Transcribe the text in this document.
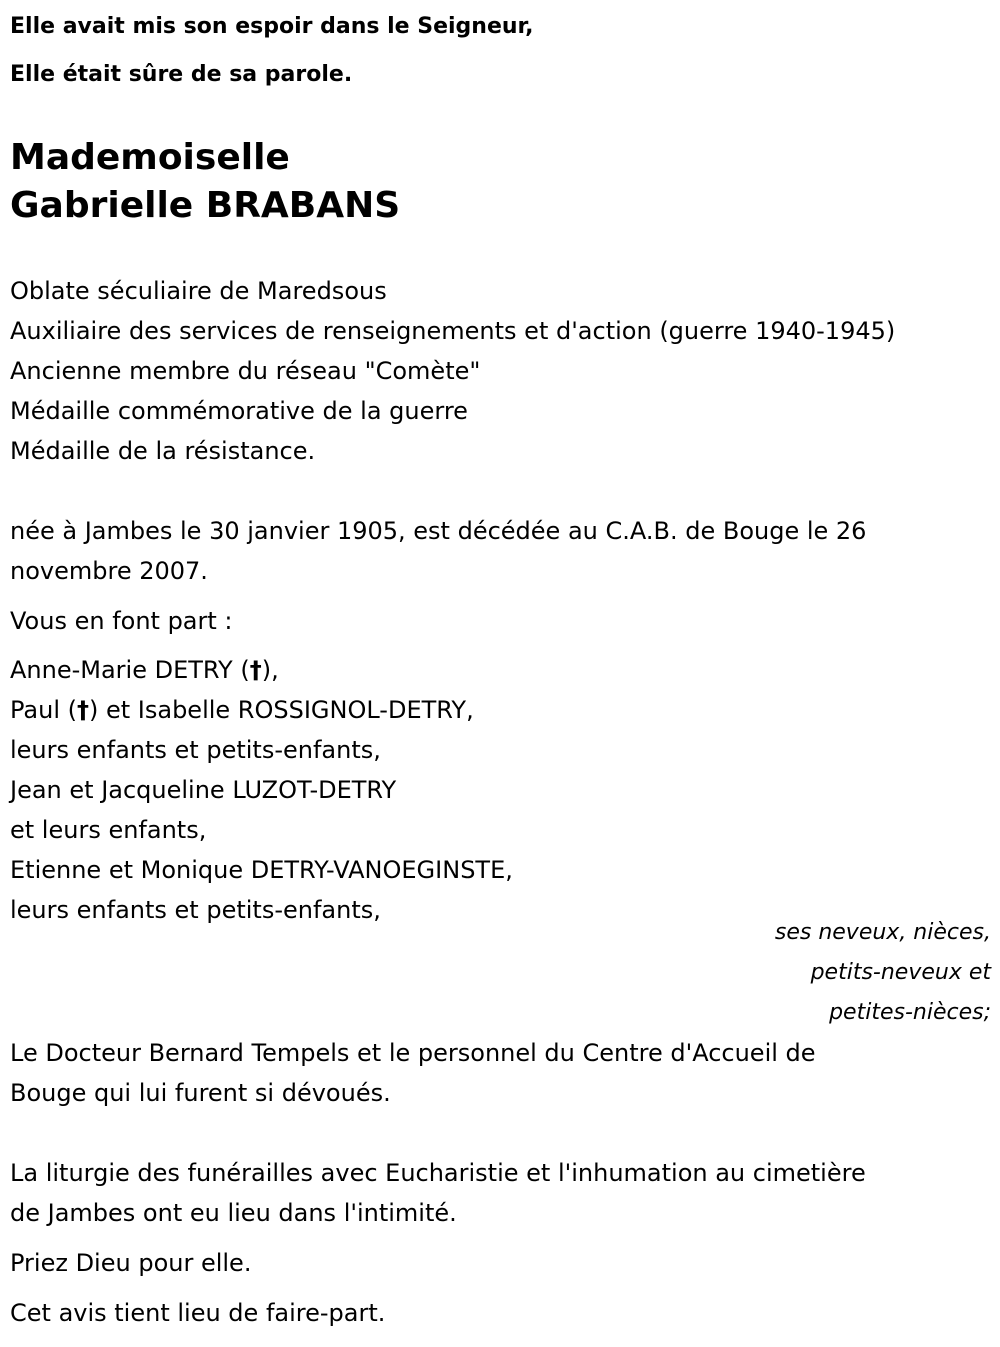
Elle avait mis son espoir dans le Seigneur,
Elle était sûre de sa parole.
Mademoiselle
Gabrielle BRABANS
Oblate séculiaire de Maredsous
Auxiliaire des services de renseignements et d'action (guerre 1940-1945)
Ancienne membre du réseau "Comète"
Médaille commémorative de la guerre
Médaille de la résistance.
née à Jambes le 30 janvier 1905, est décédée au C.A.B. de Bouge le 26
novembre 2007.
Vous en font part :
Anne-Marie DETRY (†),
Paul (†) et Isabelle ROSSIGNOL-DETRY,
leurs enfants et petits-enfants,
Jean et Jacqueline LUZOT-DETRY
et leurs enfants,
Etienne et Monique DETRY-VANOEGINSTE,
leurs enfants et petits-enfants,
ses neveux, nièces,
petits-neveux et
petites-nièces;
Le Docteur Bernard Tempels et le personnel du Centre d'Accueil de
Bouge qui lui furent si dévoués.
La liturgie des funérailles avec Eucharistie et l'inhumation au cimetière
de Jambes ont eu lieu dans l'intimité.
Priez Dieu pour elle.
Cet avis tient lieu de faire-part.
